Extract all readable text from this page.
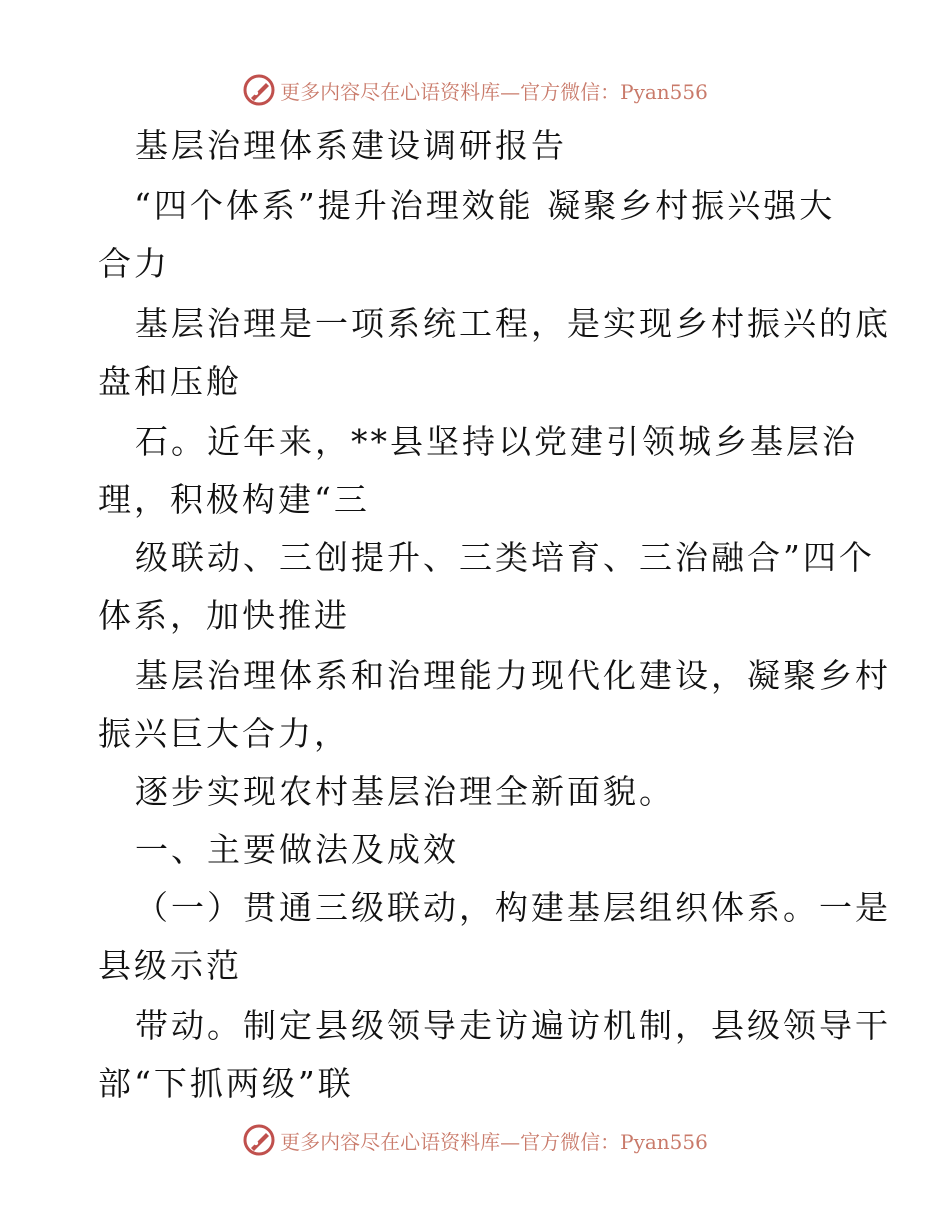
更多内容尽在心语资料库—官方微信：Pyan556
基层治理体系建设调研报告
“四个体系”提升治理效能 凝聚乡村振兴强大
合力
基层治理是一项系统工程，是实现乡村振兴的底
盘和压舱
石。近年来，**县坚持以党建引领城乡基层治
理，积极构建“三
级联动、三创提升、三类培育、三治融合”四个
体系，加快推进
基层治理体系和治理能力现代化建设，凝聚乡村
振兴巨大合力，
逐步实现农村基层治理全新面貌。
一、主要做法及成效
（一）贯通三级联动，构建基层组织体系。一是
县级示范
带动。制定县级领导走访遍访机制，县级领导干
部“下抓两级”联
更多内容尽在心语资料库—官方微信：Pyan556
